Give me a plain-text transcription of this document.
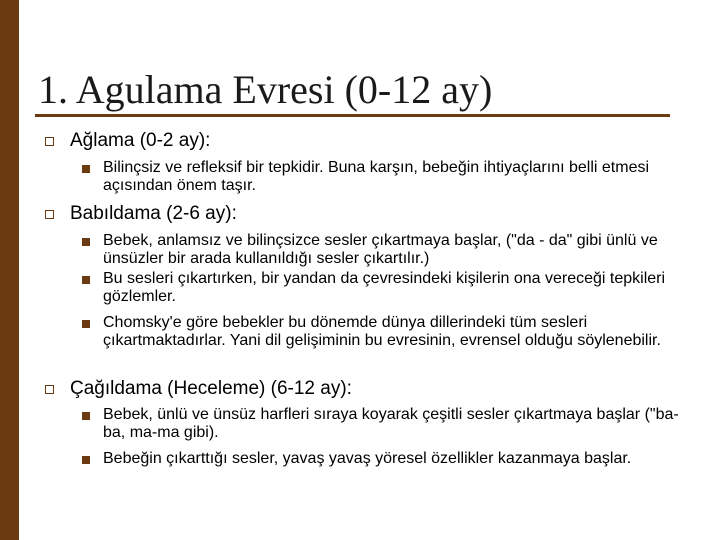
1. Agulama Evresi (0-12 ay)
Ağlama (0-2 ay):
Bilinçsiz ve refleksif bir tepkidir. Buna karşın, bebeğin ihtiyaçlarını belli etmesi açısından önem taşır.
Babıldama (2-6 ay):
Bebek, anlamsız ve bilinçsizce sesler çıkartmaya başlar, ("da - da" gibi ünlü ve ünsüzler bir arada kullanıldığı sesler çıkartılır.)
Bu sesleri çıkartırken, bir yandan da çevresindeki kişilerin ona vereceği tepkileri gözlemler.
Chomsky'e göre bebekler bu dönemde dünya dillerindeki tüm sesleri çıkartmaktadırlar. Yani dil gelişiminin bu evresinin, evrensel olduğu söylenebilir.
Çağıldama (Heceleme) (6-12 ay):
Bebek, ünlü ve ünsüz harfleri sıraya koyarak çeşitli sesler çıkartmaya başlar ("ba-ba, ma-ma gibi).
Bebeğin çıkarttığı sesler, yavaş yavaş yöresel özellikler kazanmaya başlar.
